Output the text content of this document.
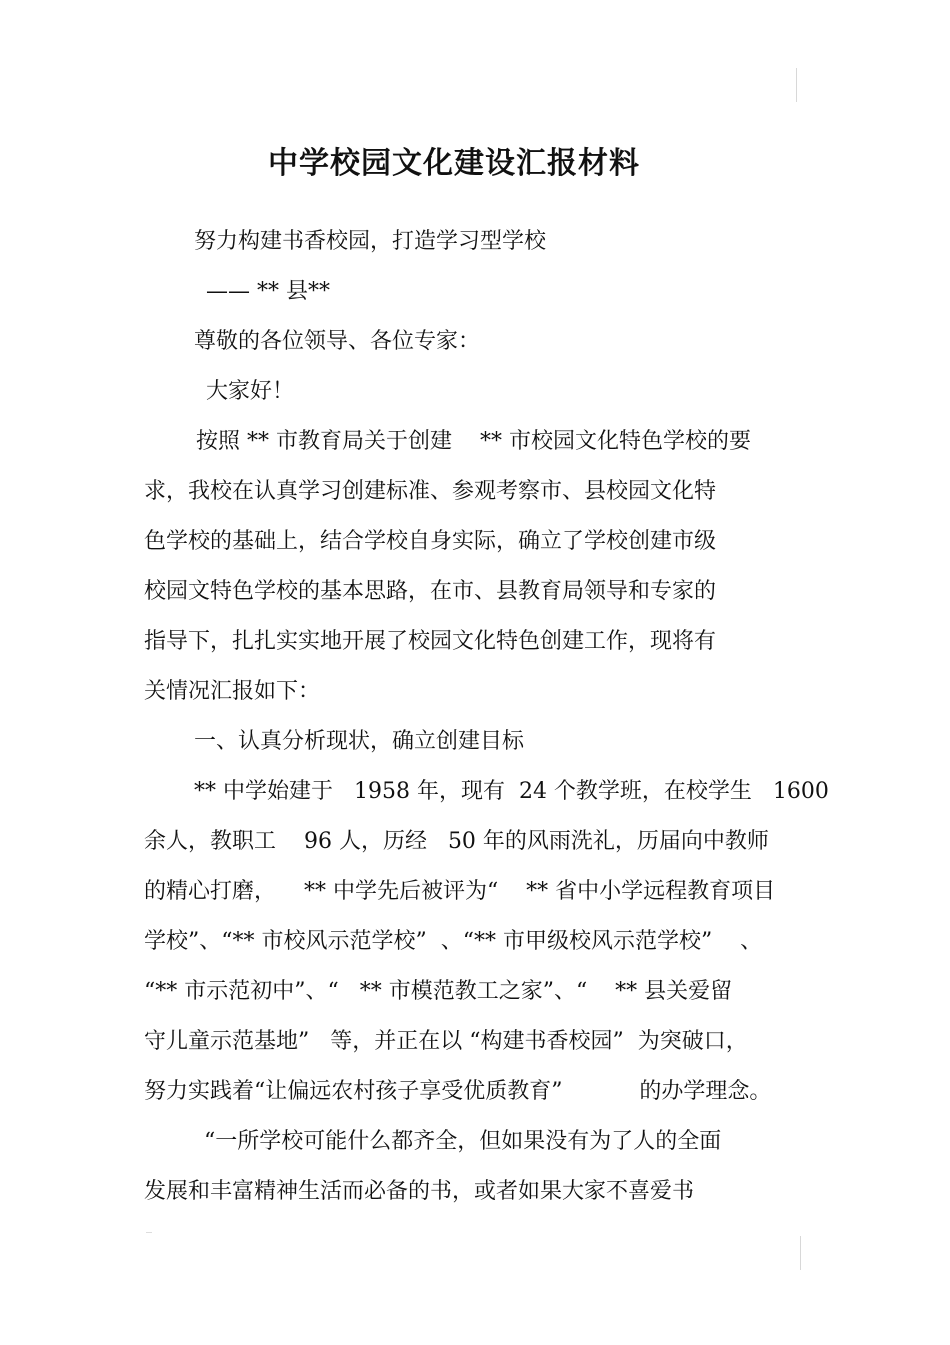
中学校园文化建设汇报材料

努力构建书香校园，打造学习型学校

—— ** 县**

尊敬的各位领导、各位专家：

大家好！

按照 ** 市教育局关于创建    ** 市校园文化特色学校的要

求，我校在认真学习创建标准、参观考察市、县校园文化特

色学校的基础上，结合学校自身实际，确立了学校创建市级

校园文特色学校的基本思路，在市、县教育局领导和专家的

指导下，扎扎实实地开展了校园文化特色创建工作，现将有

关情况汇报如下：

一、认真分析现状，确立创建目标

** 中学始建于   1958 年，现有  24 个教学班，在校学生   1600

余人，教职工    96 人，历经   50 年的风雨洗礼，历届向中教师

的精心打磨，    ** 中学先后被评为“    ** 省中小学远程教育项目

学校”、“** 市校风示范学校”  、“** 市甲级校风示范学校”    、

“** 市示范初中”、“   ** 市模范教工之家”、“    ** 县关爱留

守儿童示范基地”   等，并正在以 “构建书香校园”  为突破口，

努力实践着“让偏远农村孩子享受优质教育”           的办学理念。

“一所学校可能什么都齐全，但如果没有为了人的全面

发展和丰富精神生活而必备的书，或者如果大家不喜爱书
